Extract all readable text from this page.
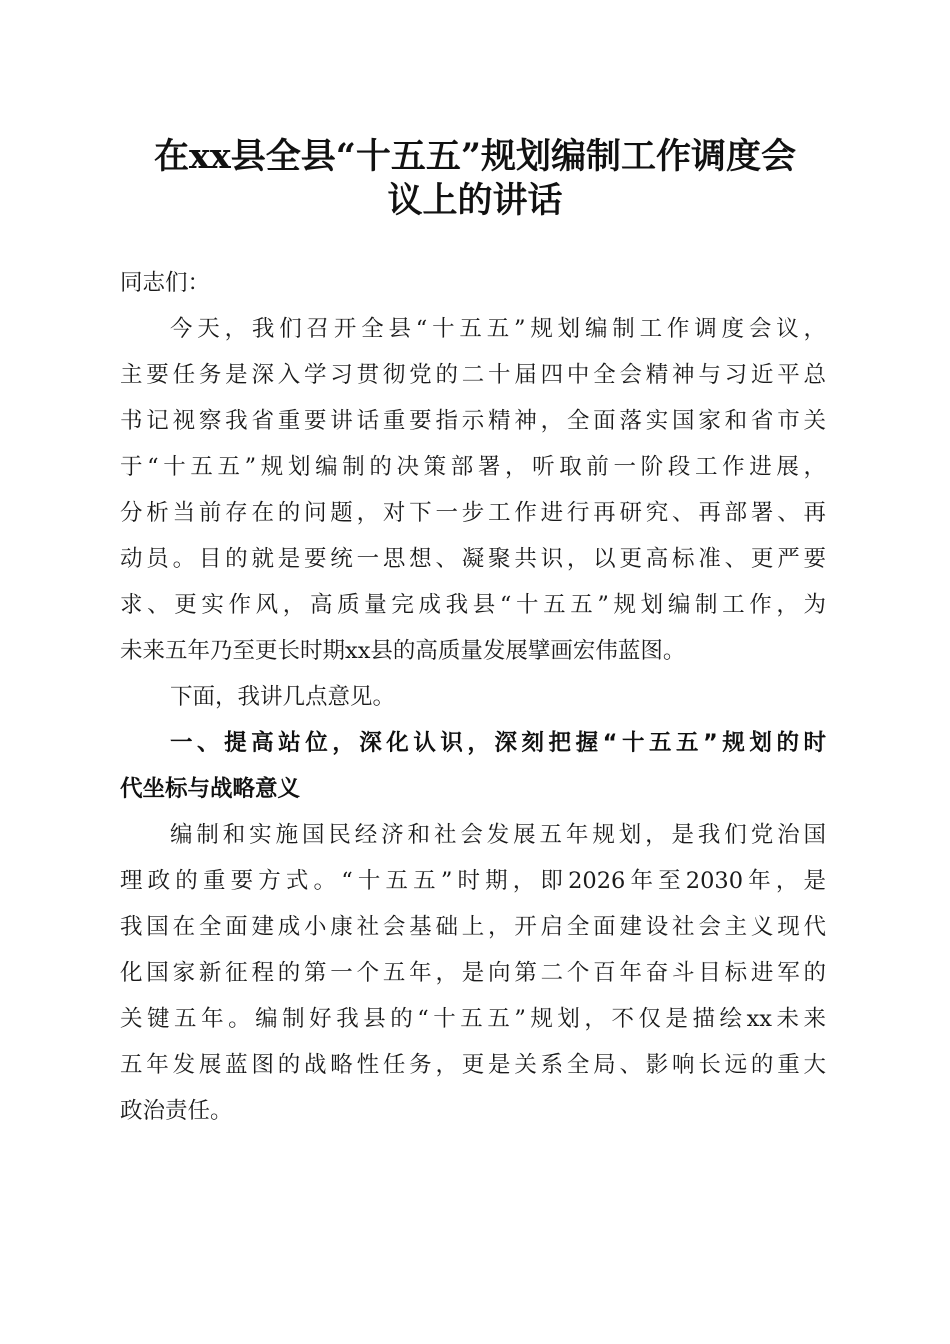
在xx县全县“十五五”规划编制工作调度会
议上的讲话
同志们：
今天，我们召开全县“十五五”规划编制工作调度会议，
主要任务是深入学习贯彻党的二十届四中全会精神与习近平总
书记视察我省重要讲话重要指示精神，全面落实国家和省市关
于“十五五”规划编制的决策部署，听取前一阶段工作进展，
分析当前存在的问题，对下一步工作进行再研究、再部署、再
动员。目的就是要统一思想、凝聚共识，以更高标准、更严要
求、更实作风，高质量完成我县“十五五”规划编制工作，为
未来五年乃至更长时期xx县的高质量发展擘画宏伟蓝图。
下面，我讲几点意见。
一、提高站位，深化认识，深刻把握“十五五”规划的时
代坐标与战略意义
编制和实施国民经济和社会发展五年规划，是我们党治国
理政的重要方式。“十五五”时期，即2026年至2030年，是
我国在全面建成小康社会基础上，开启全面建设社会主义现代
化国家新征程的第一个五年，是向第二个百年奋斗目标进军的
关键五年。编制好我县的“十五五”规划，不仅是描绘xx未来
五年发展蓝图的战略性任务，更是关系全局、影响长远的重大
政治责任。
